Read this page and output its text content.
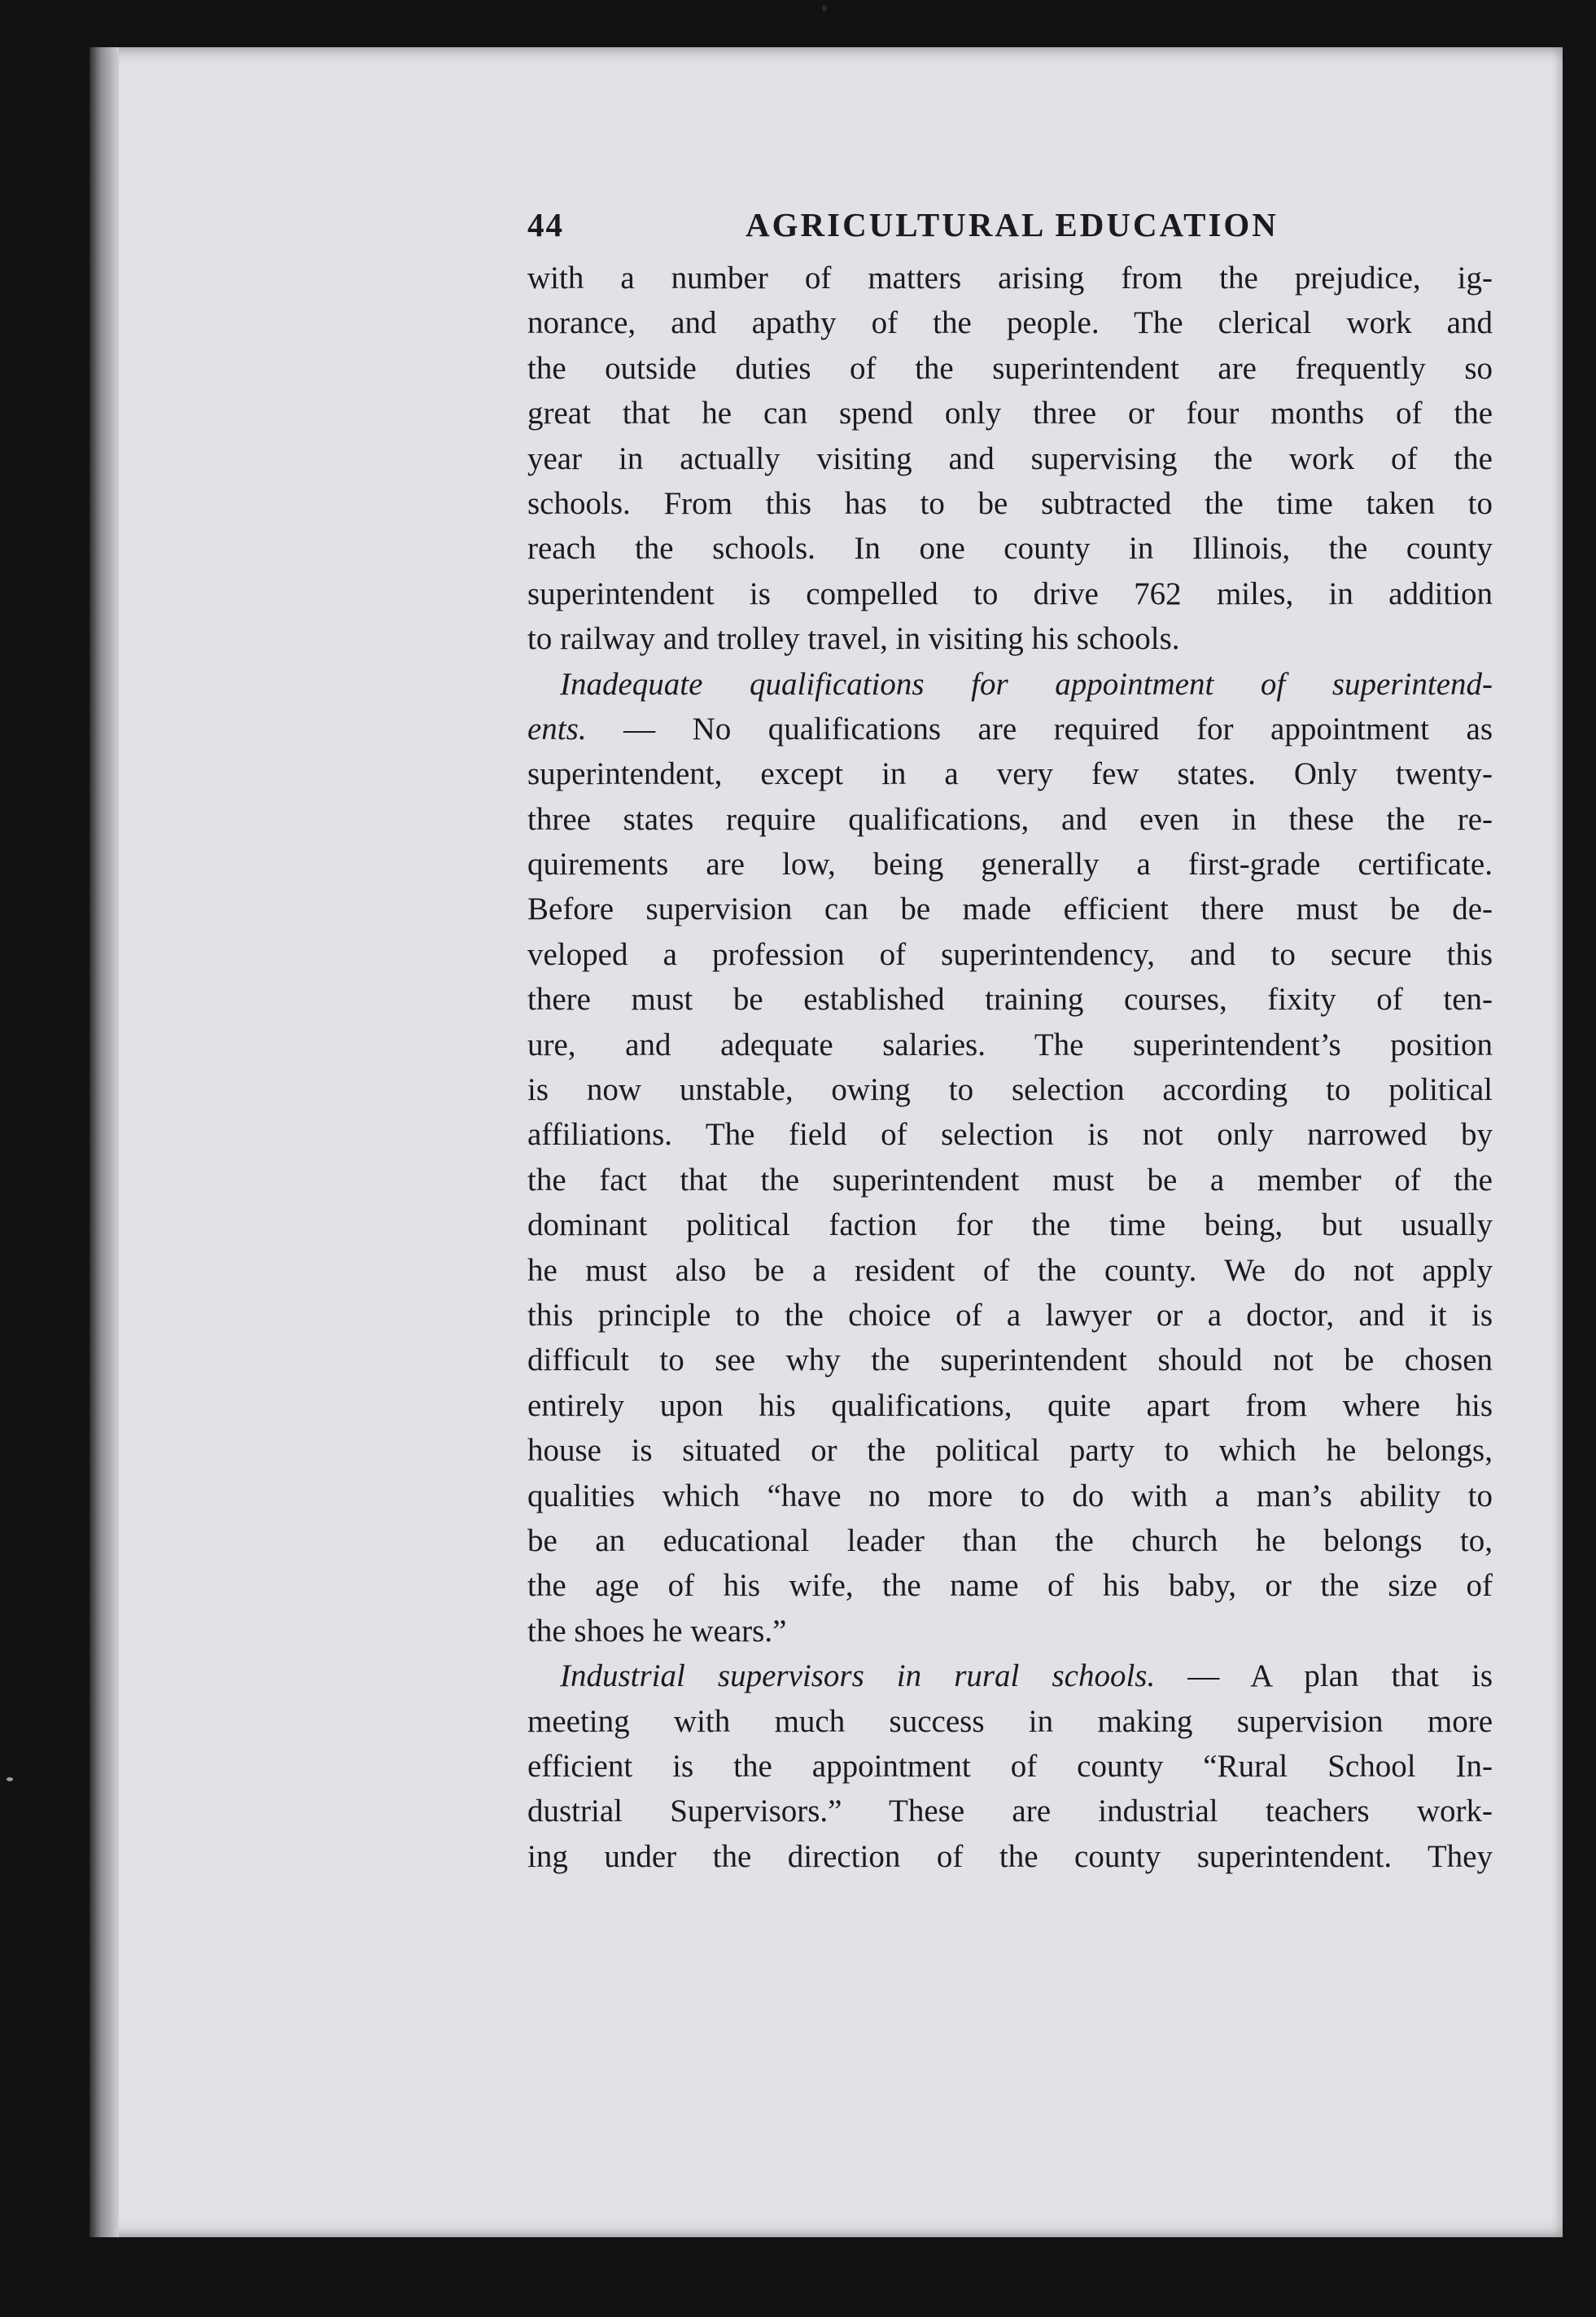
44	AGRICULTURAL EDUCATION
with a number of matters arising from the prejudice, ig-
norance, and apathy of the people. The clerical work and
the outside duties of the superintendent are frequently so
great that he can spend only three or four months of the
year in actually visiting and supervising the work of the
schools. From this has to be subtracted the time taken to
reach the schools. In one county in Illinois, the county
superintendent is compelled to drive 762 miles, in addition
to railway and trolley travel, in visiting his schools.
Inadequate qualifications for appointment of superintend-
ents. — No qualifications are required for appointment as
superintendent, except in a very few states. Only twenty-
three states require qualifications, and even in these the re-
quirements are low, being generally a first-grade certificate.
Before supervision can be made efficient there must be de-
veloped a profession of superintendency, and to secure this
there must be established training courses, fixity of ten-
ure, and adequate salaries. The superintendent’s position
is now unstable, owing to selection according to political
affiliations. The field of selection is not only narrowed by
the fact that the superintendent must be a member of the
dominant political faction for the time being, but usually
he must also be a resident of the county. We do not apply
this principle to the choice of a lawyer or a doctor, and it is
difficult to see why the superintendent should not be chosen
entirely upon his qualifications, quite apart from where his
house is situated or the political party to which he belongs,
qualities which “have no more to do with a man’s ability to
be an educational leader than the church he belongs to,
the age of his wife, the name of his baby, or the size of
the shoes he wears.”
Industrial supervisors in rural schools. — A plan that is
meeting with much success in making supervision more
efficient is the appointment of county “Rural School In-
dustrial Supervisors.” These are industrial teachers work-
ing under the direction of the county superintendent. They
